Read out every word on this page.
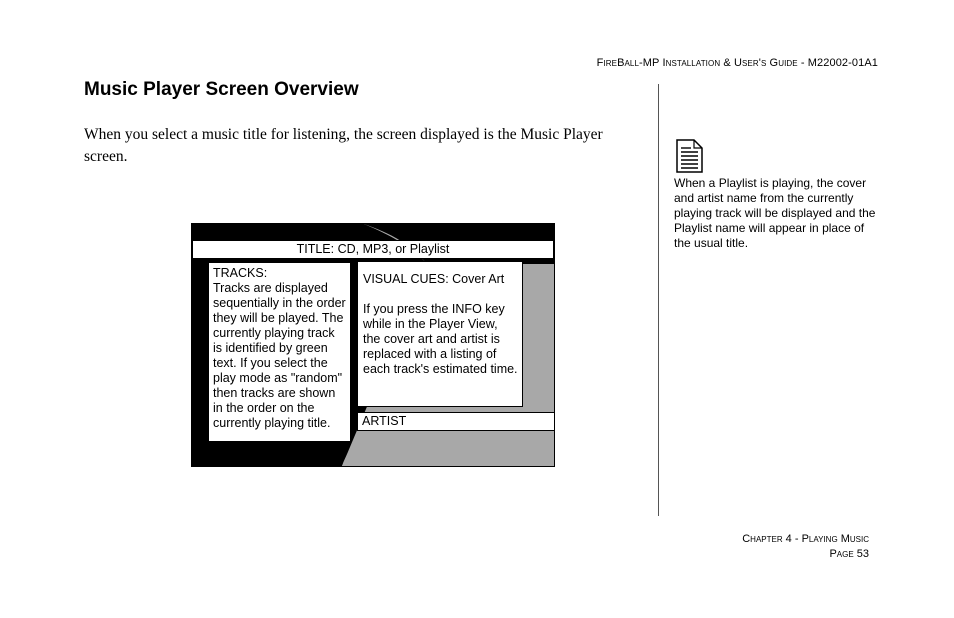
FireBall-MP Installation & User's Guide - M22002-01A1
Music Player Screen Overview

When you select a music title for listening, the screen displayed is the Music Player screen.

TITLE: CD, MP3, or Playlist
TRACKS:
Tracks are displayed sequentially in the order they will be played. The currently playing track is identified by green text. If you select the play mode as "random" then tracks are shown in the order on the currently playing title.
VISUAL CUES: Cover Art
If you press the INFO key while in the Player View, the cover art and artist is replaced with a listing of each track's estimated time.
ARTIST

When a Playlist is playing, the cover and artist name from the currently playing track will be displayed and the Playlist name will appear in place of the usual title.

Chapter 4 - Playing Music
Page 53
